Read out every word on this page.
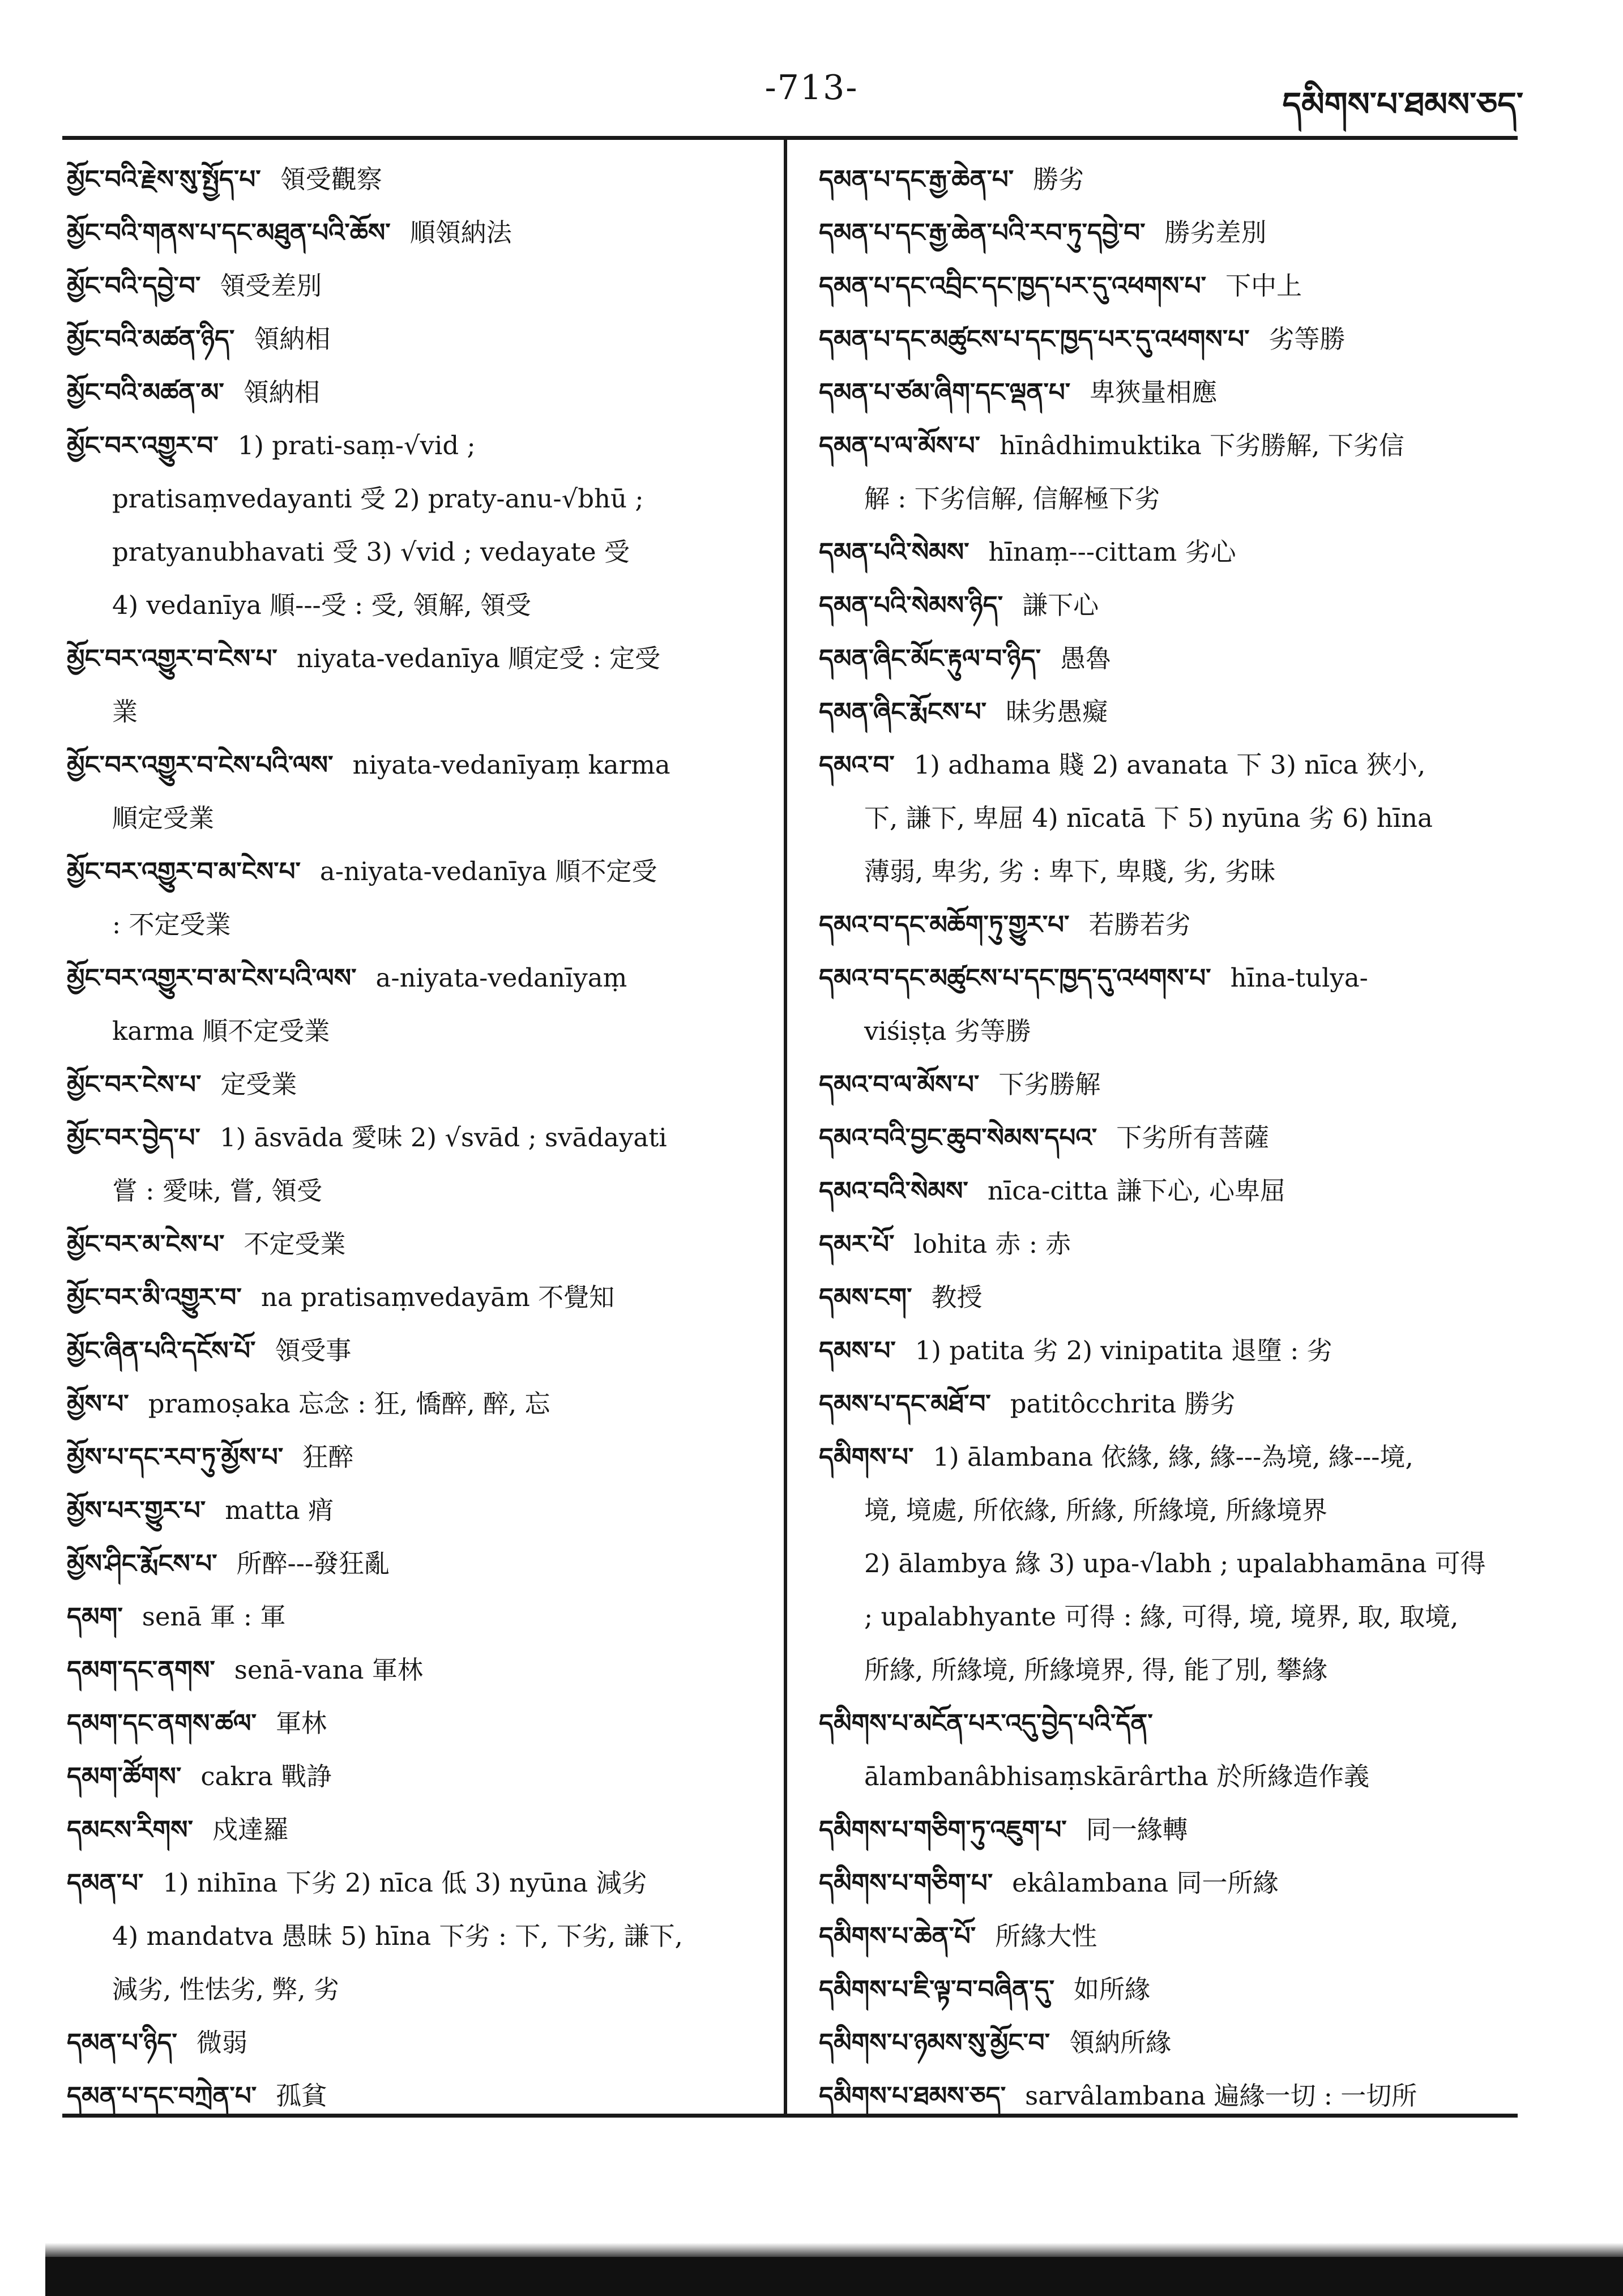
-713-	དམིགས་པ་ཐམས་ཅད་
མྱོང་བའི་རྗེས་སུ་སྤྱོད་པ་ 領受觀察
མྱོང་བའི་གནས་པ་དང་མཐུན་པའི་ཆོས་ 順領納法
མྱོང་བའི་དབྱེ་བ་ 領受差別
མྱོང་བའི་མཚན་ཉིད་ 領納相
མྱོང་བའི་མཚན་མ་ 領納相
མྱོང་བར་འགྱུར་བ་ 1) prati-saṃ-√vid ;
pratisaṃvedayanti 受 2) praty-anu-√bhū ;
pratyanubhavati 受 3) √vid ; vedayate 受
4) vedanīya 順---受 : 受, 領解, 領受
མྱོང་བར་འགྱུར་བ་ངེས་པ་ niyata-vedanīya 順定受 : 定受
業
མྱོང་བར་འགྱུར་བ་ངེས་པའི་ལས་ niyata-vedanīyaṃ karma
順定受業
མྱོང་བར་འགྱུར་བ་མ་ངེས་པ་ a-niyata-vedanīya 順不定受
: 不定受業
མྱོང་བར་འགྱུར་བ་མ་ངེས་པའི་ལས་ a-niyata-vedanīyaṃ
karma 順不定受業
མྱོང་བར་ངེས་པ་ 定受業
མྱོང་བར་བྱེད་པ་ 1) āsvāda 愛味 2) √svād ; svādayati
嘗 : 愛味, 嘗, 領受
མྱོང་བར་མ་ངེས་པ་ 不定受業
མྱོང་བར་མི་འགྱུར་བ་ na pratisaṃvedayām 不覺知
མྱོང་ཞིན་པའི་དངོས་པོ་ 領受事
མྱོས་པ་ pramoṣaka 忘念 : 狂, 憍醉, 醉, 忘
མྱོས་པ་དང་རབ་ཏུ་མྱོས་པ་ 狂醉
མྱོས་པར་གྱུར་པ་ matta 痟
མྱོས་ཤིང་རྨོངས་པ་ 所醉---發狂亂
དམག་ senā 軍 : 軍
དམག་དང་ནགས་ senā-vana 軍林
དམག་དང་ནགས་ཚལ་ 軍林
དམག་ཚོགས་ cakra 戰諍
དམངས་རིགས་ 戍達羅
དམན་པ་ 1) nihīna 下劣 2) nīca 低 3) nyūna 減劣
4) mandatva 愚昧 5) hīna 下劣 : 下, 下劣, 謙下,
減劣, 性怯劣, 弊, 劣
དམན་པ་ཉིད་ 微弱
དམན་པ་དང་བཀྲེན་པ་ 孤貧
དམན་པ་དང་རྒྱ་ཆེན་པ་ 勝劣
དམན་པ་དང་རྒྱ་ཆེན་པའི་རབ་ཏུ་དབྱེ་བ་ 勝劣差別
དམན་པ་དང་འབྲིང་དང་ཁྱད་པར་དུ་འཕགས་པ་ 下中上
དམན་པ་དང་མཚུངས་པ་དང་ཁྱད་པར་དུ་འཕགས་པ་ 劣等勝
དམན་པ་ཙམ་ཞིག་དང་ལྡན་པ་ 卑狹量相應
དམན་པ་ལ་མོས་པ་ hīnâdhimuktika 下劣勝解, 下劣信
解 : 下劣信解, 信解極下劣
དམན་པའི་སེམས་ hīnaṃ---cittam 劣心
དམན་པའི་སེམས་ཉིད་ 謙下心
དམན་ཞིང་མོང་རྟུལ་བ་ཉིད་ 愚魯
དམན་ཞིང་རྨོངས་པ་ 昧劣愚癡
དམའ་བ་ 1) adhama 賤 2) avanata 下 3) nīca 狹小,
下, 謙下, 卑屈 4) nīcatā 下 5) nyūna 劣 6) hīna
薄弱, 卑劣, 劣 : 卑下, 卑賤, 劣, 劣昧
དམའ་བ་དང་མཆོག་ཏུ་གྱུར་པ་ 若勝若劣
དམའ་བ་དང་མཚུངས་པ་དང་ཁྱད་དུ་འཕགས་པ་ hīna-tulya-
viśiṣṭa 劣等勝
དམའ་བ་ལ་མོས་པ་ 下劣勝解
དམའ་བའི་བྱང་ཆུབ་སེམས་དཔའ་ 下劣所有菩薩
དམའ་བའི་སེམས་ nīca-citta 謙下心, 心卑屈
དམར་པོ་ lohita 赤 : 赤
དམས་ངག་ 教授
དམས་པ་ 1) patita 劣 2) vinipatita 退墮 : 劣
དམས་པ་དང་མཐོ་བ་ patitôcchrita 勝劣
དམིགས་པ་ 1) ālambana 依緣, 緣, 緣---為境, 緣---境,
境, 境處, 所依緣, 所緣, 所緣境, 所緣境界
2) ālambya 緣 3) upa-√labh ; upalabhamāna 可得
; upalabhyante 可得 : 緣, 可得, 境, 境界, 取, 取境,
所緣, 所緣境, 所緣境界, 得, 能了別, 攀緣
དམིགས་པ་མངོན་པར་འདུ་བྱེད་པའི་དོན་
ālambanâbhisaṃskārârtha 於所緣造作義
དམིགས་པ་གཅིག་ཏུ་འཇུག་པ་ 同一緣轉
དམིགས་པ་གཅིག་པ་ ekâlambana 同一所緣
དམིགས་པ་ཆེན་པོ་ 所緣大性
དམིགས་པ་ཇི་ལྟ་བ་བཞིན་དུ་ 如所緣
དམིགས་པ་ཉམས་སུ་མྱོང་བ་ 領納所緣
དམིགས་པ་ཐམས་ཅད་ sarvâlambana 遍緣一切 : 一切所
